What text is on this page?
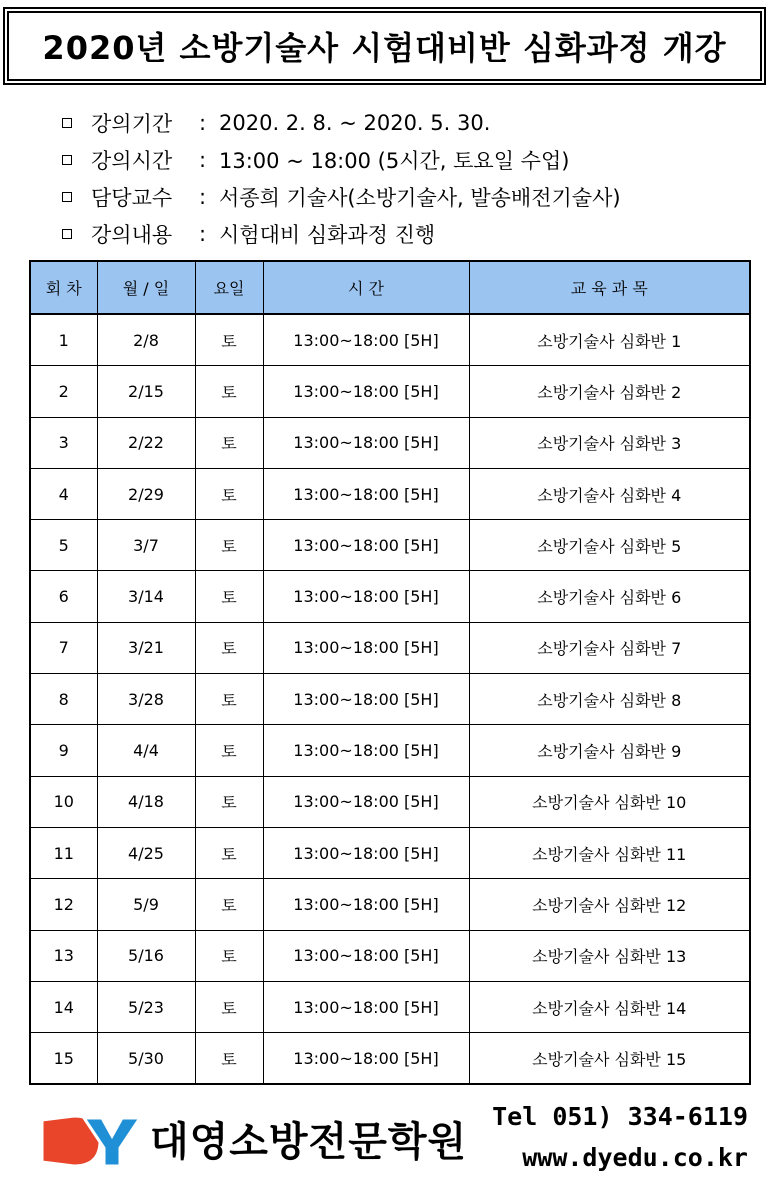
2020년 소방기술사 시험대비반 심화과정 개강
강의기간	: 2020. 2. 8. ~ 2020. 5. 30.
강의시간	: 13:00 ~ 18:00 (5시간, 토요일 수업)
담당교수	: 서종희 기술사(소방기술사, 발송배전기술사)
강의내용	: 시험대비 심화과정 진행
회 차	월 / 일	요일	시 간	교 육 과 목
1	2/8	토	13:00~18:00 [5H]	소방기술사 심화반 1
2	2/15	토	13:00~18:00 [5H]	소방기술사 심화반 2
3	2/22	토	13:00~18:00 [5H]	소방기술사 심화반 3
4	2/29	토	13:00~18:00 [5H]	소방기술사 심화반 4
5	3/7	토	13:00~18:00 [5H]	소방기술사 심화반 5
6	3/14	토	13:00~18:00 [5H]	소방기술사 심화반 6
7	3/21	토	13:00~18:00 [5H]	소방기술사 심화반 7
8	3/28	토	13:00~18:00 [5H]	소방기술사 심화반 8
9	4/4	토	13:00~18:00 [5H]	소방기술사 심화반 9
10	4/18	토	13:00~18:00 [5H]	소방기술사 심화반 10
11	4/25	토	13:00~18:00 [5H]	소방기술사 심화반 11
12	5/9	토	13:00~18:00 [5H]	소방기술사 심화반 12
13	5/16	토	13:00~18:00 [5H]	소방기술사 심화반 13
14	5/23	토	13:00~18:00 [5H]	소방기술사 심화반 14
15	5/30	토	13:00~18:00 [5H]	소방기술사 심화반 15
대영소방전문학원
Tel 051) 334-6119
www.dyedu.co.kr
